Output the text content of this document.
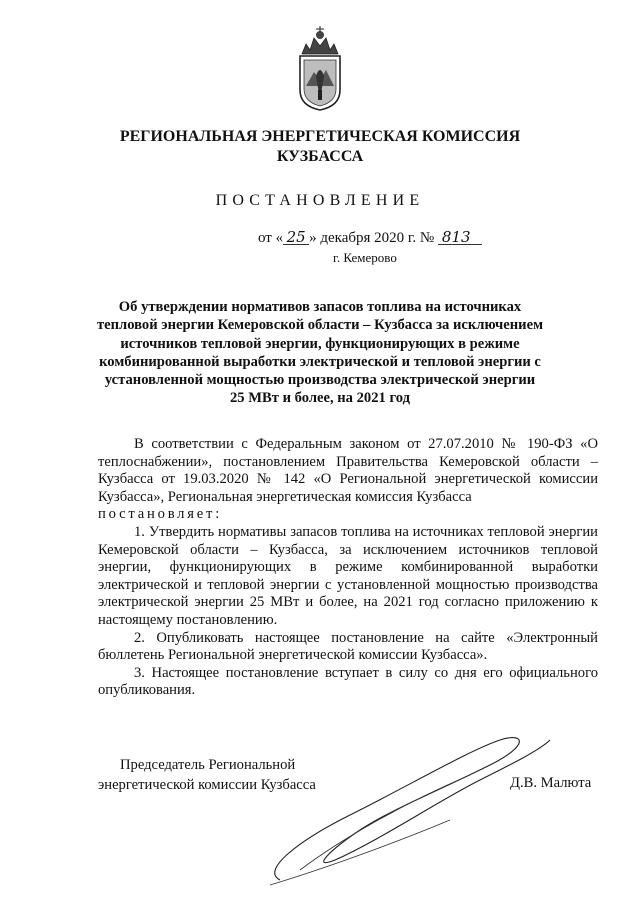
РЕГИОНАЛЬНАЯ ЭНЕРГЕТИЧЕСКАЯ КОМИССИЯ
КУЗБАССА
ПОСТАНОВЛЕНИЕ
от « 25 » декабря 2020 г. № 813
г. Кемерово
Об утверждении нормативов запасов топлива на источниках
тепловой энергии Кемеровской области – Кузбасса за исключением
источников тепловой энергии, функционирующих в режиме
комбинированной выработки электрической и тепловой энергии с
установленной мощностью производства электрической энергии
25 МВт и более, на 2021 год

В соответствии с Федеральным законом от 27.07.2010 № 190-ФЗ «О теплоснабжении», постановлением Правительства Кемеровской области – Кузбасса от 19.03.2020 № 142 «О Региональной энергетической комиссии Кузбасса», Региональная энергетическая комиссия Кузбасса

постановляет:

1. Утвердить нормативы запасов топлива на источниках тепловой энергии Кемеровской области – Кузбасса, за исключением источников тепловой энергии, функционирующих в режиме комбинированной выработки электрической и тепловой энергии с установленной мощностью производства электрической энергии 25 МВт и более, на 2021 год согласно приложению к настоящему постановлению.

2. Опубликовать настоящее постановление на сайте «Электронный бюллетень Региональной энергетической комиссии Кузбасса».

3. Настоящее постановление вступает в силу со дня его официального опубликования.

Председатель Региональной
энергетической комиссии Кузбасса	Д.В. Малюта
